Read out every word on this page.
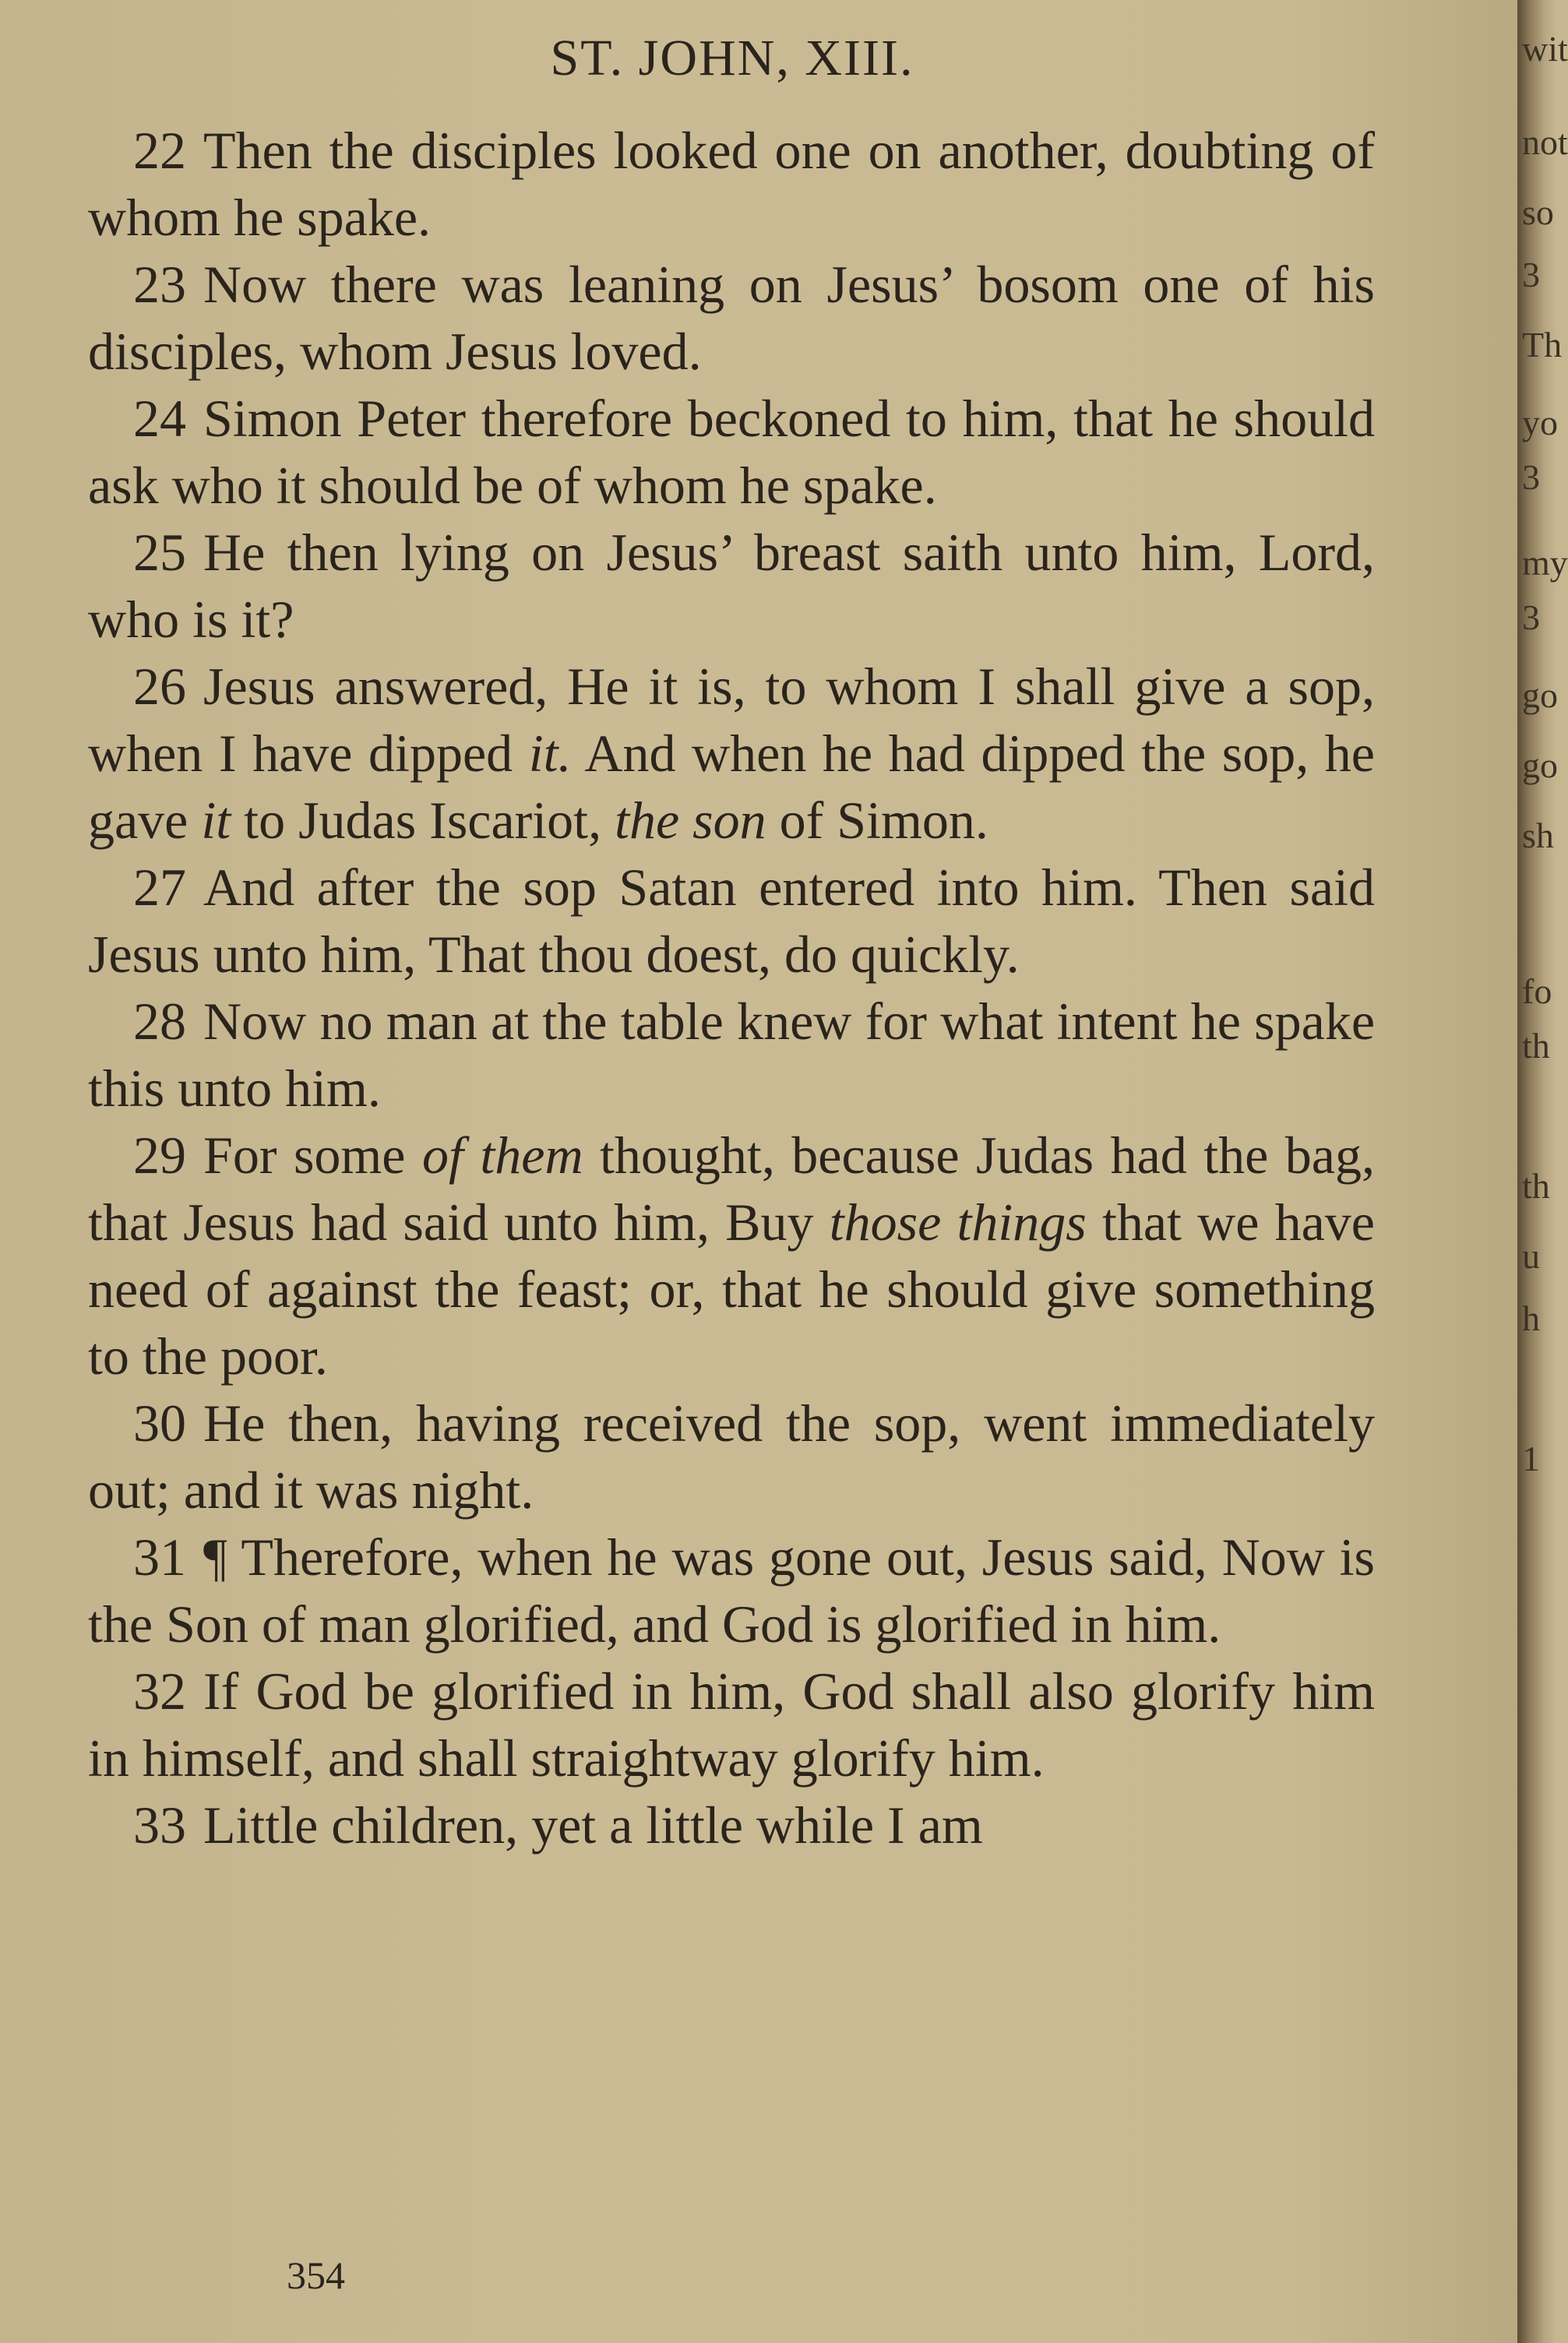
ST. JOHN, XIII.

22 Then the disciples looked one on another, doubting of whom he spake.

23 Now there was leaning on Jesus’ bosom one of his disciples, whom Jesus loved.

24 Simon Peter therefore beckoned to him, that he should ask who it should be of whom he spake.

25 He then lying on Jesus’ breast saith unto him, Lord, who is it?

26 Jesus answered, He it is, to whom I shall give a sop, when I have dipped it. And when he had dipped the sop, he gave it to Judas Iscariot, the son of Simon.

27 And after the sop Satan entered into him. Then said Jesus unto him, That thou doest, do quickly.

28 Now no man at the table knew for what intent he spake this unto him.

29 For some of them thought, because Judas had the bag, that Jesus had said unto him, Buy those things that we have need of against the feast; or, that he should give something to the poor.

30 He then, having received the sop, went immediately out; and it was night.

31 ¶ Therefore, when he was gone out, Jesus said, Now is the Son of man glorified, and God is glorified in him.

32 If God be glorified in him, God shall also glorify him in himself, and shall straightway glorify him.

33 Little children, yet a little while I am

354
wit
not
so
3
Th
yo
3
my
3
go
go
sh
fo
th
th
u
h
1
